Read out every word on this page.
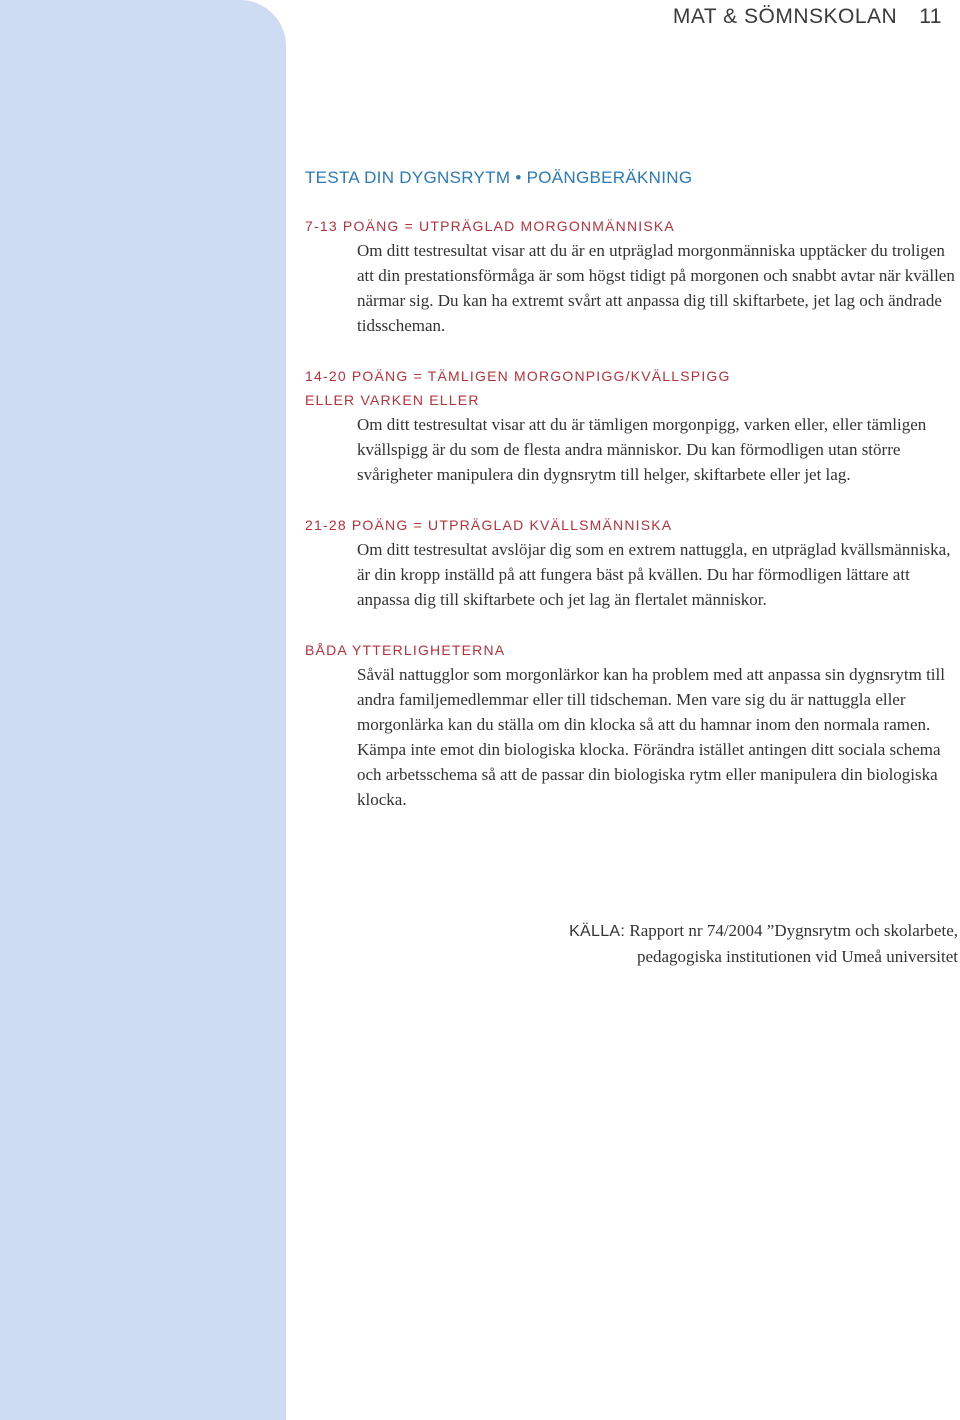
MAT & SÖMNSKOLAN 11
TESTA DIN DYGNSRYTM • POÄNGBERÄKNING

7-13 POÄNG = UTPRÄGLAD MORGONMÄNNISKA

Om ditt testresultat visar att du är en utpräglad morgonmänniska upptäcker du troligen att din prestationsförmåga är som högst tidigt på morgonen och snabbt avtar när kvällen närmar sig. Du kan ha extremt svårt att anpassa dig till skiftarbete, jet lag och ändrade tidsscheman.

14-20 POÄNG = TÄMLIGEN MORGONPIGG/KVÄLLSPIGG

ELLER VARKEN ELLER

Om ditt testresultat visar att du är tämligen morgonpigg, varken eller, eller tämligen kvällspigg är du som de flesta andra människor. Du kan förmodligen utan större svårigheter manipulera din dygnsrytm till helger, skiftarbete eller jet lag.

21-28 POÄNG = UTPRÄGLAD KVÄLLSMÄNNISKA

Om ditt testresultat avslöjar dig som en extrem nattuggla, en utpräglad kvällsmänniska, är din kropp inställd på att fungera bäst på kvällen. Du har förmodligen lättare att anpassa dig till skiftarbete och jet lag än flertalet människor.

BÅDA YTTERLIGHETERNA

Såväl nattugglor som morgonlärkor kan ha problem med att anpassa sin dygnsrytm till andra familjemedlemmar eller till tidscheman. Men vare sig du är nattuggla eller morgonlärka kan du ställa om din klocka så att du hamnar inom den normala ramen. Kämpa inte emot din biologiska klocka. Förändra istället antingen ditt sociala schema och arbetsschema så att de passar din biologiska rytm eller manipulera din biologiska klocka.

KÄLLA: Rapport nr 74/2004 ”Dygnsrytm och skolarbete,
pedagogiska institutionen vid Umeå universitet
